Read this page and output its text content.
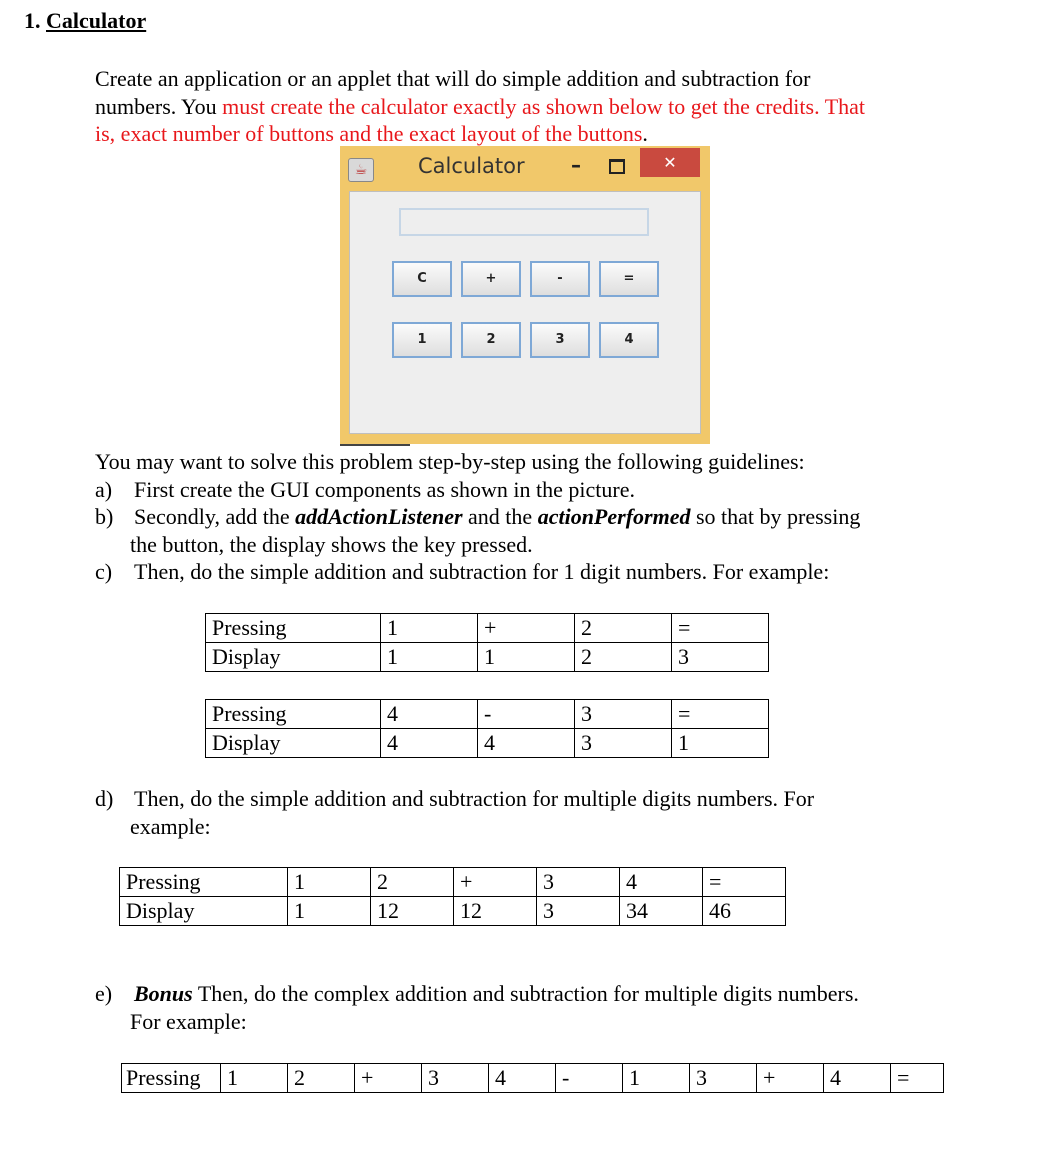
1. Calculator
Create an application or an applet that will do simple addition and subtraction for
numbers. You must create the calculator exactly as shown below to get the credits. That
is, exact number of buttons and the exact layout of the buttons.
☕	Calculator	–	✕
C	+	-	=
1	2	3	4
You may want to solve this problem step-by-step using the following guidelines:
a) First create the GUI components as shown in the picture.
b) Secondly, add the addActionListener and the actionPerformed so that by pressing
the button, the display shows the key pressed.
c) Then, do the simple addition and subtraction for 1 digit numbers. For example:
Pressing	1	+	2	=
Display	1	1	2	3
Pressing	4	-	3	=
Display	4	4	3	1
d) Then, do the simple addition and subtraction for multiple digits numbers. For
example:
Pressing	1	2	+	3	4	=
Display	1	12	12	3	34	46
e) Bonus Then, do the complex addition and subtraction for multiple digits numbers.
For example:
Pressing	1	2	+	3	4	-	1	3	+	4	=
